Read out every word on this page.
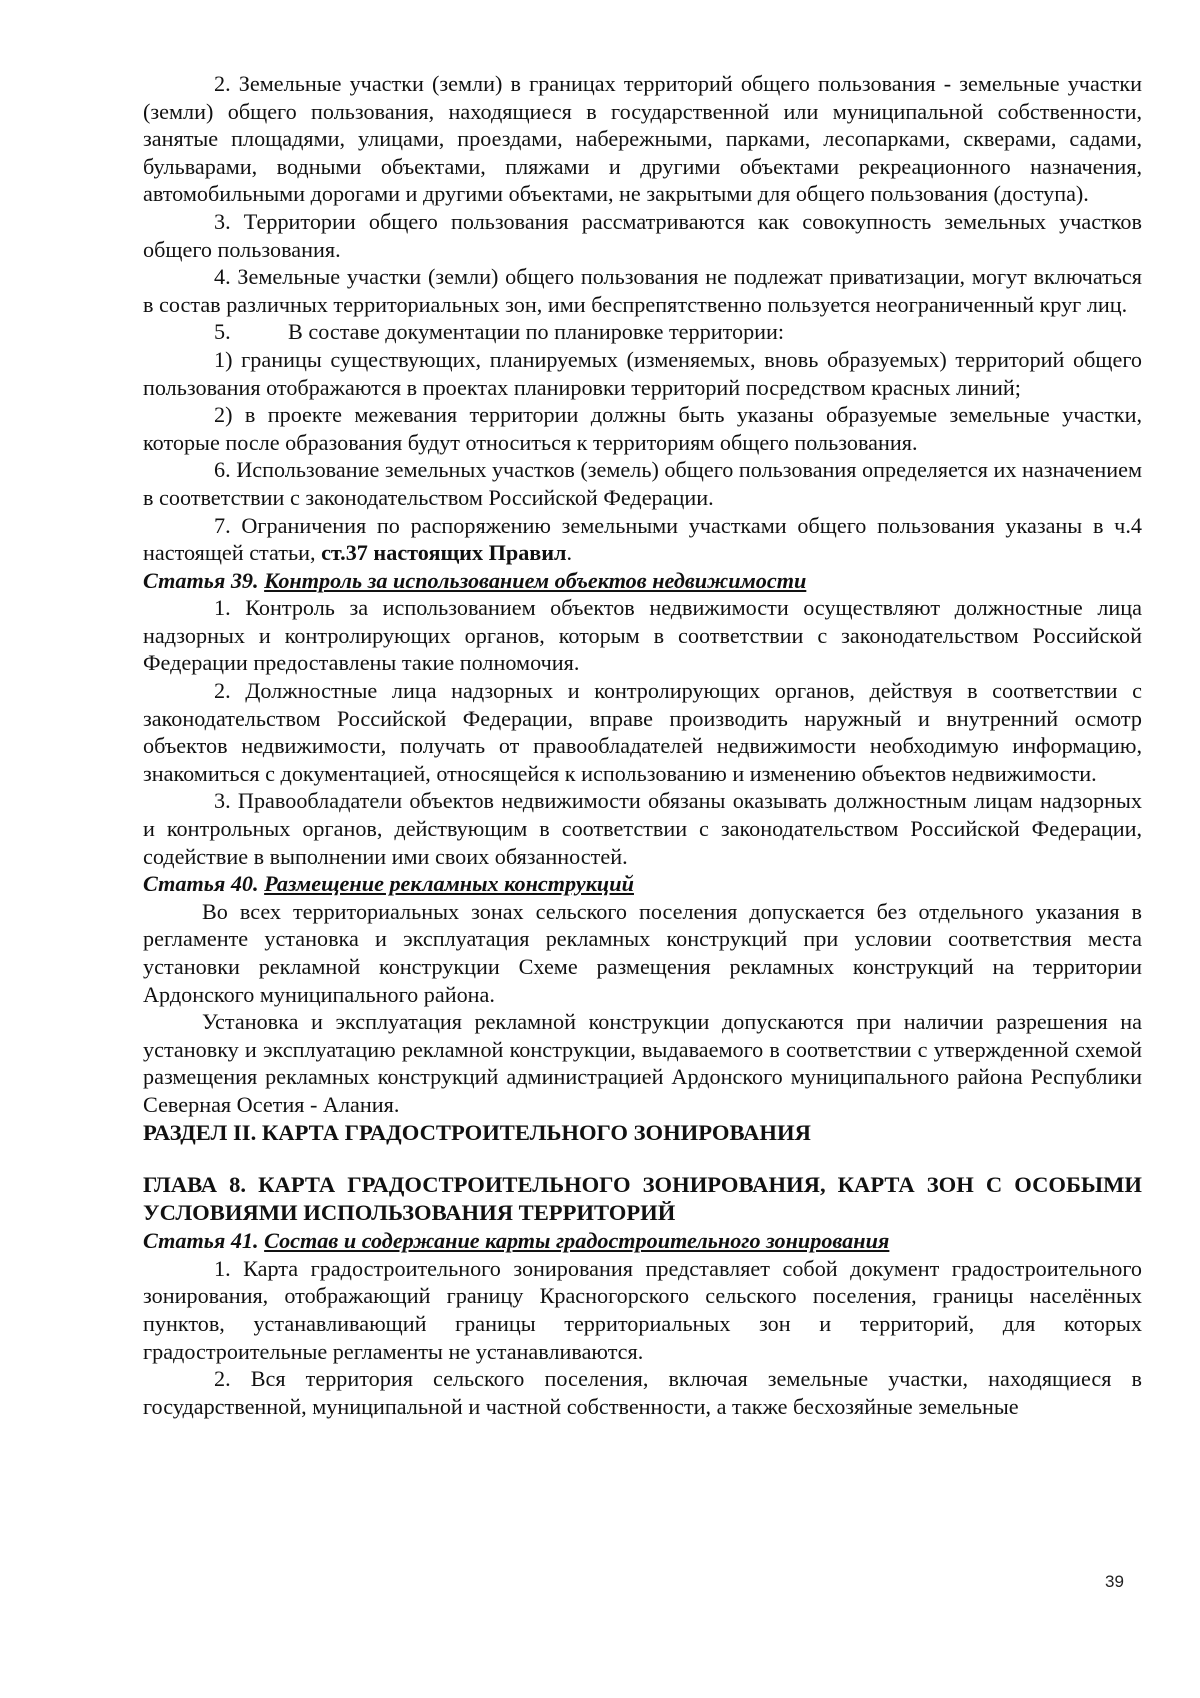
2. Земельные участки (земли) в границах территорий общего пользования - земельные участки (земли) общего пользования, находящиеся в государственной или муниципальной собственности, занятые площадями, улицами, проездами, набережными, парками, лесопарками, скверами, садами, бульварами, водными объектами, пляжами и другими объектами рекреационного назначения, автомобильными дорогами и другими объектами, не закрытыми для общего пользования (доступа).

3. Территории общего пользования рассматриваются как совокупность земельных участков общего пользования.

4. Земельные участки (земли) общего пользования не подлежат приватизации, могут включаться в состав различных территориальных зон, ими беспрепятственно пользуется неограниченный круг лиц.

5.	В составе документации по планировке территории:

1) границы существующих, планируемых (изменяемых, вновь образуемых) территорий общего пользования отображаются в проектах планировки территорий посредством красных линий;

2) в проекте межевания территории должны быть указаны образуемые земельные участки, которые после образования будут относиться к территориям общего пользования.

6. Использование земельных участков (земель) общего пользования определяется их назначением в соответствии с законодательством Российской Федерации.

7. Ограничения по распоряжению земельными участками общего пользования указаны в ч.4 настоящей статьи, ст.37 настоящих Правил.

Статья 39. Контроль за использованием объектов недвижимости

1. Контроль за использованием объектов недвижимости осуществляют должностные лица надзорных и контролирующих органов, которым в соответствии с законодательством Российской Федерации предоставлены такие полномочия.

2. Должностные лица надзорных и контролирующих органов, действуя в соответствии с законодательством Российской Федерации, вправе производить наружный и внутренний осмотр объектов недвижимости, получать от правообладателей недвижимости необходимую информацию, знакомиться с документацией, относящейся к использованию и изменению объектов недвижимости.

3. Правообладатели объектов недвижимости обязаны оказывать должностным лицам надзорных и контрольных органов, действующим в соответствии с законодательством Российской Федерации, содействие в выполнении ими своих обязанностей.

Статья 40. Размещение рекламных конструкций

Во всех территориальных зонах сельского поселения допускается без отдельного указания в регламенте установка и эксплуатация рекламных конструкций при условии соответствия места установки рекламной конструкции Схеме размещения рекламных конструкций на территории Ардонского муниципального района.

Установка и эксплуатация рекламной конструкции допускаются при наличии разрешения на установку и эксплуатацию рекламной конструкции, выдаваемого в соответствии с утвержденной схемой размещения рекламных конструкций администрацией Ардонского муниципального района Республики Северная Осетия - Алания.

РАЗДЕЛ II. КАРТА ГРАДОСТРОИТЕЛЬНОГО ЗОНИРОВАНИЯ

ГЛАВА 8. КАРТА ГРАДОСТРОИТЕЛЬНОГО ЗОНИРОВАНИЯ, КАРТА ЗОН С ОСОБЫМИ УСЛОВИЯМИ ИСПОЛЬЗОВАНИЯ ТЕРРИТОРИЙ

Статья 41. Состав и содержание карты градостроительного зонирования

1. Карта градостроительного зонирования представляет собой документ градостроительного зонирования, отображающий границу Красногорского сельского поселения, границы населённых пунктов, устанавливающий границы территориальных зон и территорий, для которых градостроительные регламенты не устанавливаются.

2. Вся территория сельского поселения, включая земельные участки, находящиеся в государственной, муниципальной и частной собственности, а также бесхозяйные земельные

39
